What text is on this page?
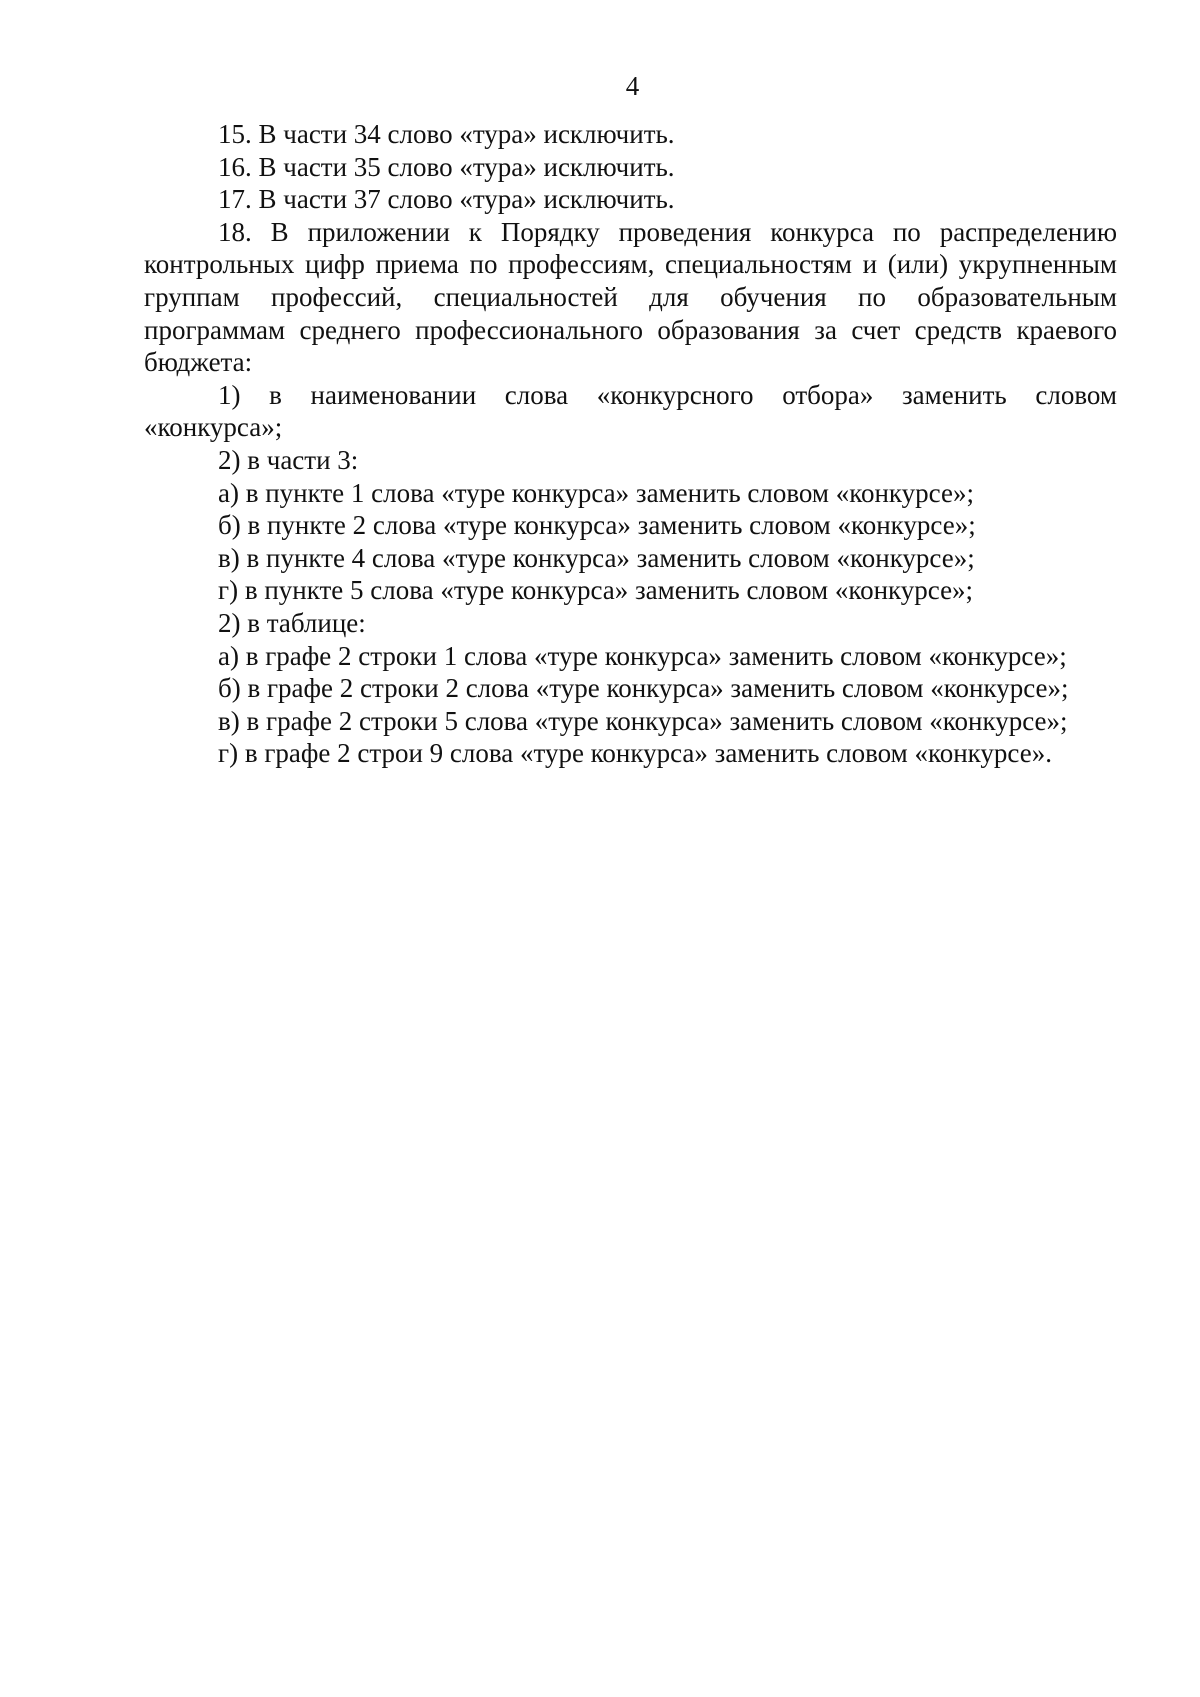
4
15. В части 34 слово «тура» исключить.
16. В части 35 слово «тура» исключить.
17. В части 37 слово «тура» исключить.
18. В приложении к Порядку проведения конкурса по распределению
контрольных цифр приема по профессиям, специальностям и (или) укрупненным
группам профессий, специальностей для обучения по образовательным
программам среднего профессионального образования за счет средств краевого
бюджета:
1) в наименовании слова «конкурсного отбора» заменить словом
«конкурса»;
2) в части 3:
а) в пункте 1 слова «туре конкурса» заменить словом «конкурсе»;
б) в пункте 2 слова «туре конкурса» заменить словом «конкурсе»;
в) в пункте 4 слова «туре конкурса» заменить словом «конкурсе»;
г) в пункте 5 слова «туре конкурса» заменить словом «конкурсе»;
2) в таблице:
а) в графе 2 строки 1 слова «туре конкурса» заменить словом «конкурсе»;
б) в графе 2 строки 2 слова «туре конкурса» заменить словом «конкурсе»;
в) в графе 2 строки 5 слова «туре конкурса» заменить словом «конкурсе»;
г) в графе 2 строи 9 слова «туре конкурса» заменить словом «конкурсе».
